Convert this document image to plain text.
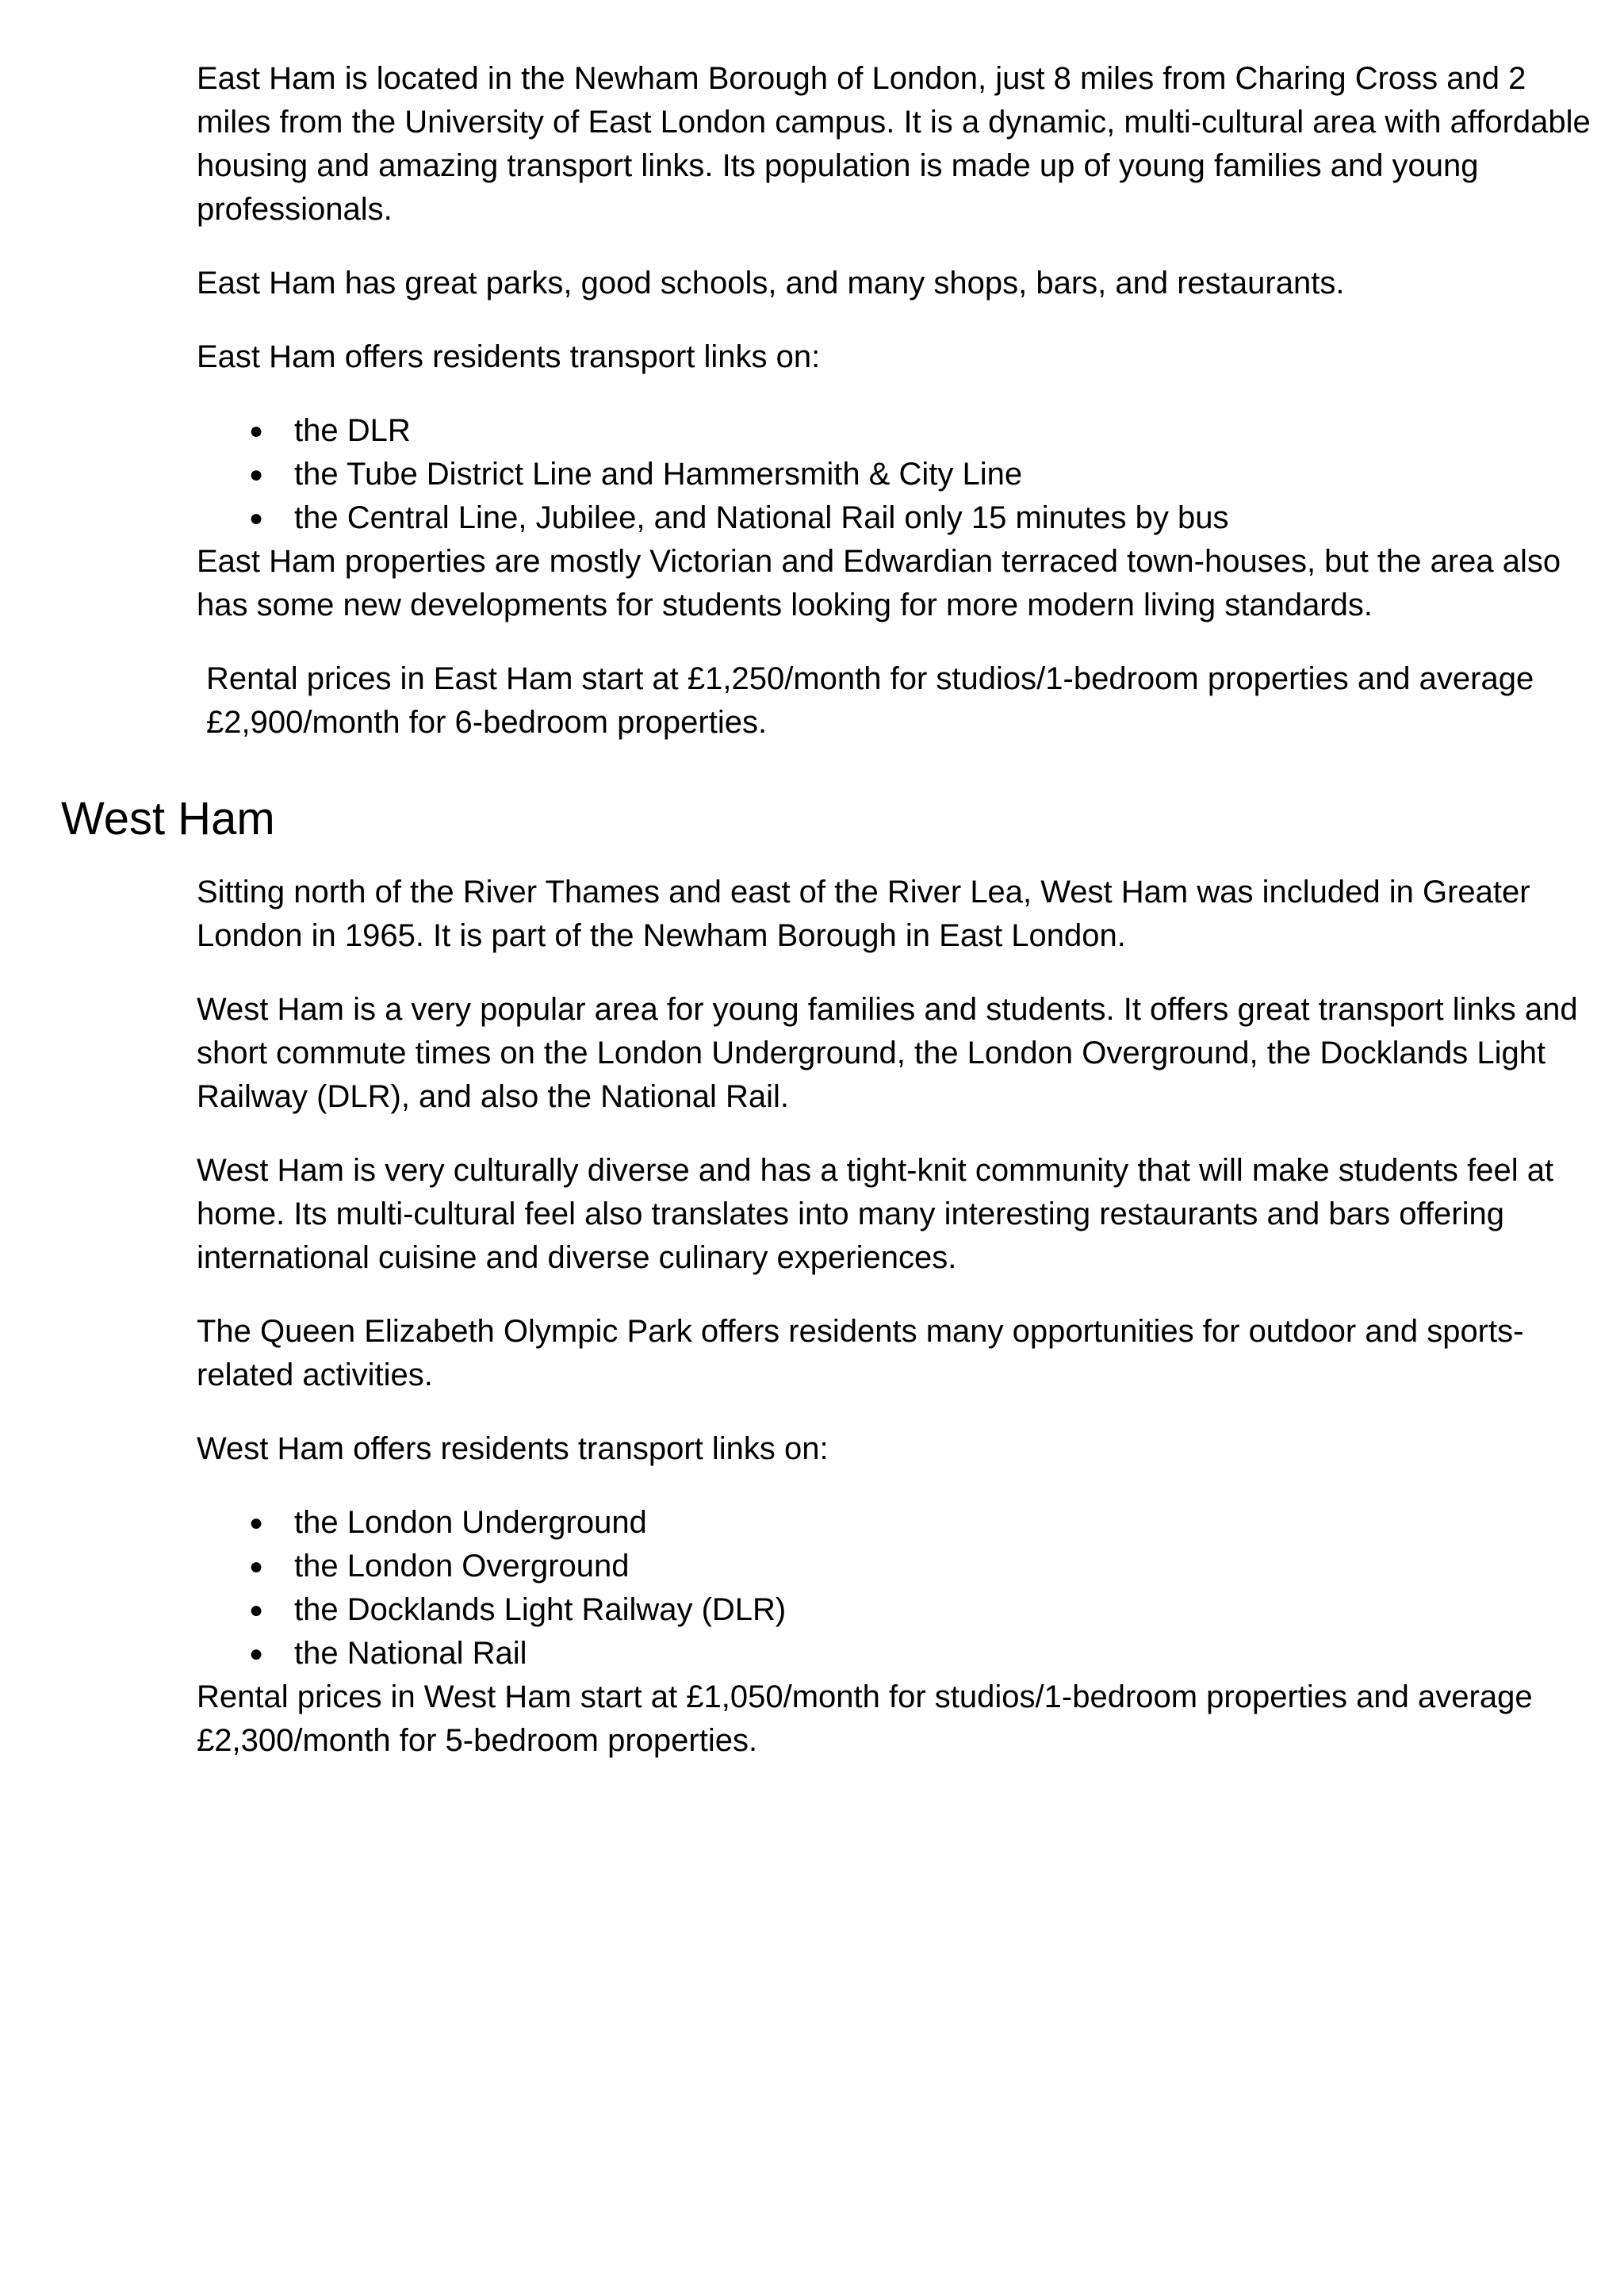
East Ham is located in the Newham Borough of London, just 8 miles from Charing Cross and 2 miles from the University of East London campus. It is a dynamic, multi-cultural area with affordable housing and amazing transport links. Its population is made up of young families and young professionals.

East Ham has great parks, good schools, and many shops, bars, and restaurants.

East Ham offers residents transport links on:

● the DLR
● the Tube District Line and Hammersmith & City Line
● the Central Line, Jubilee, and National Rail only 15 minutes by bus

East Ham properties are mostly Victorian and Edwardian terraced town-houses, but the area also has some new developments for students looking for more modern living standards.

Rental prices in East Ham start at £1,250/month for studios/1-bedroom properties and average £2,900/month for 6-bedroom properties.

West Ham

Sitting north of the River Thames and east of the River Lea, West Ham was included in Greater London in 1965. It is part of the Newham Borough in East London.

West Ham is a very popular area for young families and students. It offers great transport links and short commute times on the London Underground, the London Overground, the Docklands Light Railway (DLR), and also the National Rail.

West Ham is very culturally diverse and has a tight-knit community that will make students feel at home. Its multi-cultural feel also translates into many interesting restaurants and bars offering international cuisine and diverse culinary experiences.

The Queen Elizabeth Olympic Park offers residents many opportunities for outdoor and sports-related activities.

West Ham offers residents transport links on:

● the London Underground
● the London Overground
● the Docklands Light Railway (DLR)
● the National Rail

Rental prices in West Ham start at £1,050/month for studios/1-bedroom properties and average £2,300/month for 5-bedroom properties.
